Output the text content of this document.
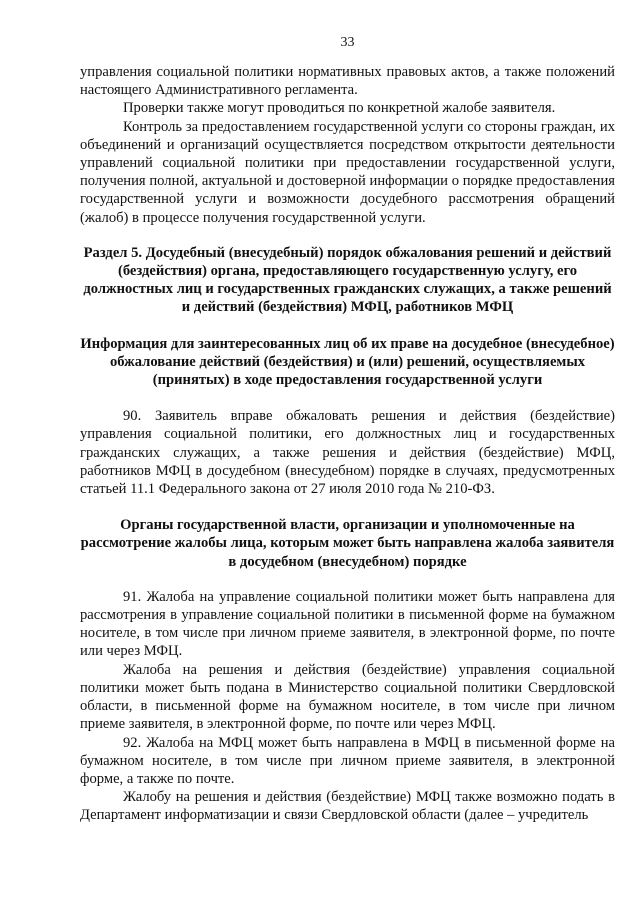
33

управления социальной политики нормативных правовых актов, а также положений настоящего Административного регламента.

Проверки также могут проводиться по конкретной жалобе заявителя.

Контроль за предоставлением государственной услуги со стороны граждан, их объединений и организаций осуществляется посредством открытости деятельности управлений социальной политики при предоставлении государственной услуги, получения полной, актуальной и достоверной информации о порядке предоставления государственной услуги и возможности досудебного рассмотрения обращений (жалоб) в процессе получения государственной услуги.

Раздел 5. Досудебный (внесудебный) порядок обжалования решений и действий (бездействия) органа, предоставляющего государственную услугу, его должностных лиц и государственных гражданских служащих, а также решений и действий (бездействия) МФЦ, работников МФЦ

Информация для заинтересованных лиц об их праве на досудебное (внесудебное) обжалование действий (бездействия) и (или) решений, осуществляемых (принятых) в ходе предоставления государственной услуги

90. Заявитель вправе обжаловать решения и действия (бездействие) управления социальной политики, его должностных лиц и государственных гражданских служащих, а также решения и действия (бездействие) МФЦ, работников МФЦ в досудебном (внесудебном) порядке в случаях, предусмотренных статьей 11.1 Федерального закона от 27 июля 2010 года № 210-ФЗ.

Органы государственной власти, организации и уполномоченные на рассмотрение жалобы лица, которым может быть направлена жалоба заявителя в досудебном (внесудебном) порядке

91. Жалоба на управление социальной политики может быть направлена для рассмотрения в управление социальной политики в письменной форме на бумажном носителе, в том числе при личном приеме заявителя, в электронной форме, по почте или через МФЦ.

Жалоба на решения и действия (бездействие) управления социальной политики может быть подана в Министерство социальной политики Свердловской области, в письменной форме на бумажном носителе, в том числе при личном приеме заявителя, в электронной форме, по почте или через МФЦ.

92. Жалоба на МФЦ может быть направлена в МФЦ в письменной форме на бумажном носителе, в том числе при личном приеме заявителя, в электронной форме, а также по почте.

Жалобу на решения и действия (бездействие) МФЦ также возможно подать в Департамент информатизации и связи Свердловской области (далее – учредитель
